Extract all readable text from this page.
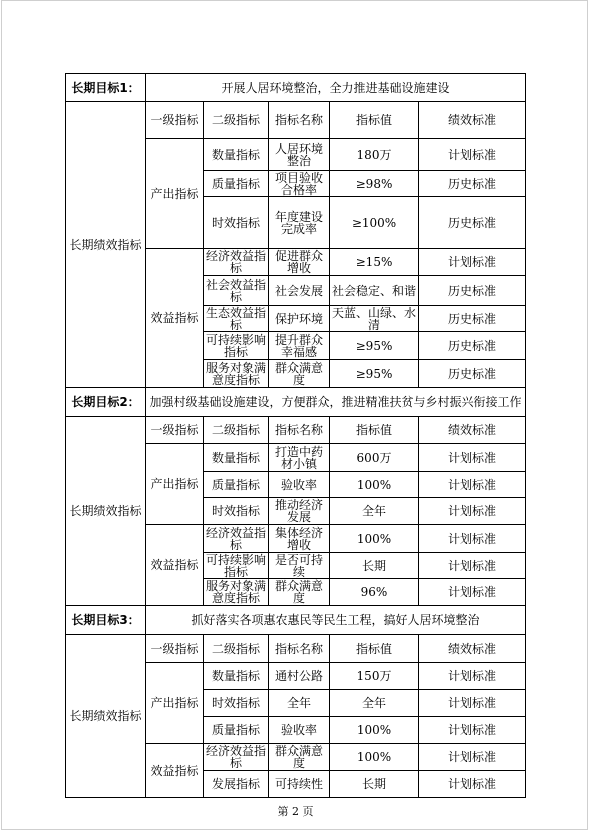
长期目标1：	开展人居环境整治，全力推进基础设施建设				
长期绩效指标	一级指标	二级指标	指标名称	指标值	绩效标准
	产出指标	数量指标	人居环境整治	180万	计划标准
		质量指标	项目验收合格率	≥98%	历史标准
		时效指标	年度建设完成率	≥100%	历史标准
	效益指标	经济效益指标	促进群众增收	≥15%	计划标准
		社会效益指标	社会发展	社会稳定、和谐	历史标准
		生态效益指标	保护环境	天蓝、山绿、水清	历史标准
		可持续影响指标	提升群众幸福感	≥95%	历史标准
		服务对象满意度指标	群众满意度	≥95%	历史标准
长期目标2：	加强村级基础设施建设，方便群众，推进精准扶贫与乡村振兴衔接工作				
长期绩效指标	一级指标	二级指标	指标名称	指标值	绩效标准
	产出指标	数量指标	打造中药材小镇	600万	计划标准
		质量指标	验收率	100%	计划标准
		时效指标	推动经济发展	全年	计划标准
	效益指标	经济效益指标	集体经济增收	100%	计划标准
		可持续影响指标	是否可持续	长期	计划标准
		服务对象满意度指标	群众满意度	96%	计划标准
长期目标3：	抓好落实各项惠农惠民等民生工程，搞好人居环境整治				
长期绩效指标	一级指标	二级指标	指标名称	指标值	绩效标准
	产出指标	数量指标	通村公路	150万	计划标准
		时效指标	全年	全年	计划标准
		质量指标	验收率	100%	计划标准
	效益指标	经济效益指标	群众满意度	100%	计划标准
		发展指标	可持续性	长期	计划标准
第 2 页
